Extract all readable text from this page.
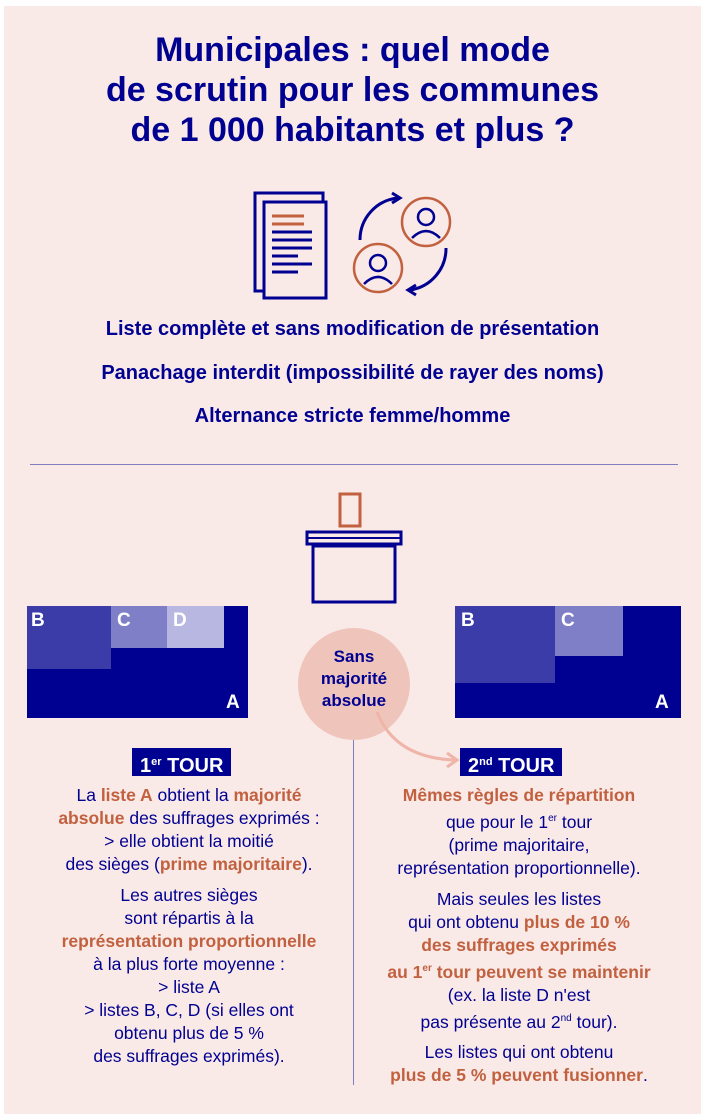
Municipales : quel mode
de scrutin pour les communes
de 1 000 habitants et plus ?
Liste complète et sans modification de présentation
Panachage interdit (impossibilité de rayer des noms)
Alternance stricte femme/homme
B	C D
A
B	C
A
Sans
majorité
absolue
1er TOUR	2nd TOUR
La liste A obtient la majorité
absolue des suffrages exprimés :
> elle obtient la moitié
des sièges (prime majoritaire).
Les autres sièges
sont répartis à la
représentation proportionnelle
à la plus forte moyenne :
> liste A
> listes B, C, D (si elles ont
obtenu plus de 5 %
des suffrages exprimés).
Mêmes règles de répartition
que pour le 1er tour
(prime majoritaire,
représentation proportionnelle).
Mais seules les listes
qui ont obtenu plus de 10 %
des suffrages exprimés
au 1er tour peuvent se maintenir
(ex. la liste D n'est
pas présente au 2nd tour).
Les listes qui ont obtenu
plus de 5 % peuvent fusionner.
